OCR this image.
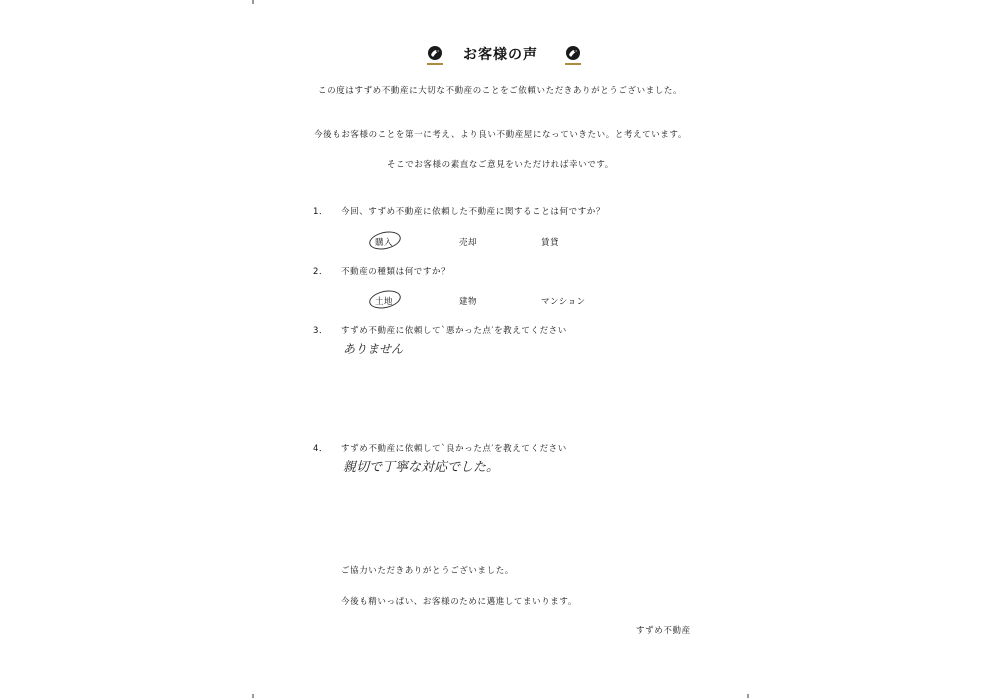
お客様の声
この度はすずめ不動産に大切な不動産のことをご依頼いただきありがとうございました。
今後もお客様のことを第一に考え、より良い不動産屋になっていきたい。と考えています。
そこでお客様の素直なご意見をいただければ幸いです。
1． 今回、すずめ不動産に依頼した不動産に関することは何ですか？
購入	売却	賃貸
2． 不動産の種類は何ですか？
土地	建物	マンション
3． すずめ不動産に依頼して`悪かった点′を教えてください
ありません
4． すずめ不動産に依頼して`良かった点′を教えてください
親切で丁寧な対応でした。
ご協力いただきありがとうございました。
今後も精いっぱい、お客様のために邁進してまいります。
すずめ不動産
